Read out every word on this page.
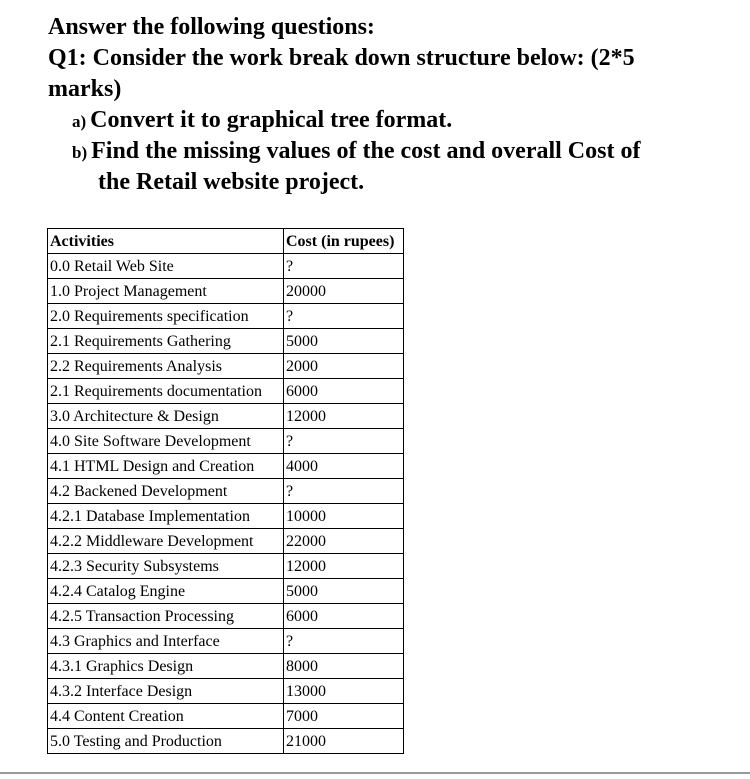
Answer the following questions:
Q1: Consider the work break down structure below: (2*5
marks)
a) Convert it to graphical tree format.
b) Find the missing values of the cost and overall Cost of
the Retail website project.
Activities	Cost (in rupees)
0.0 Retail Web Site	?
1.0 Project Management	20000
2.0 Requirements specification	?
2.1 Requirements Gathering	5000
2.2 Requirements Analysis	2000
2.1 Requirements documentation	6000
3.0 Architecture & Design	12000
4.0 Site Software Development	?
4.1 HTML Design and Creation	4000
4.2 Backened Development	?
4.2.1 Database Implementation	10000
4.2.2 Middleware Development	22000
4.2.3 Security Subsystems	12000
4.2.4 Catalog Engine	5000
4.2.5 Transaction Processing	6000
4.3 Graphics and Interface	?
4.3.1 Graphics Design	8000
4.3.2 Interface Design	13000
4.4 Content Creation	7000
5.0 Testing and Production	21000
